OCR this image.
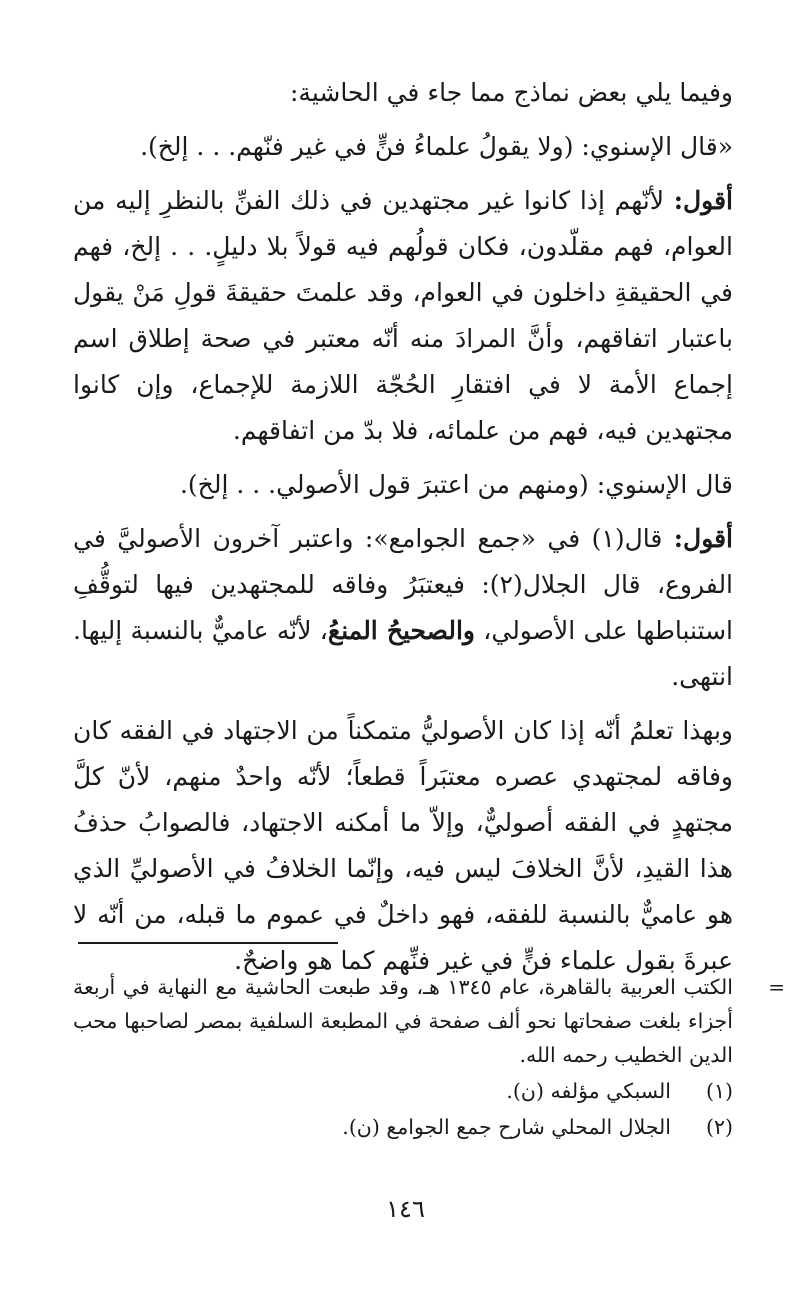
وفيما يلي بعض نماذج مما جاء في الحاشية:

«قال الإسنوي: (ولا يقولُ علماءُ فنٍّ في غير فنّهم. . . إلخ).

أقول: لأنّهم إذا كانوا غير مجتهدين في ذلك الفنِّ بالنظرِ إليه من العوام، فهم مقلّدون، فكان قولُهم فيه قولاً بلا دليلٍ. . . إلخ، فهم في الحقيقةِ داخلون في العوام، وقد علمتَ حقيقةَ قولِ مَنْ يقول باعتبار اتفاقهم، وأنَّ المرادَ منه أنّه معتبر في صحة إطلاق اسم إجماع الأمة لا في افتقارِ الحُجّة اللازمة للإجماع، وإن كانوا مجتهدين فيه، فهم من علمائه، فلا بدّ من اتفاقهم.

قال الإسنوي: (ومنهم من اعتبرَ قول الأصولي. . . إلخ).

أقول: قال(١) في «جمع الجوامع»: واعتبر آخرون الأصوليَّ في الفروع، قال الجلال(٢): فيعتبَرُ وفاقه للمجتهدين فيها لتوقُّفِ استنباطها على الأصولي، والصحيحُ المنعُ، لأنّه عاميٌّ بالنسبة إليها. انتهى.

وبهذا تعلمُ أنّه إذا كان الأصوليُّ متمكناً من الاجتهاد في الفقه كان وفاقه لمجتهدي عصره معتبَراً قطعاً؛ لأنّه واحدٌ منهم، لأنّ كلَّ مجتهدٍ في الفقه أصوليٌّ، وإلاّ ما أمكنه الاجتهاد، فالصوابُ حذفُ هذا القيدِ، لأنَّ الخلافَ ليس فيه، وإنّما الخلافُ في الأصوليِّ الذي هو عاميٌّ بالنسبة للفقه، فهو داخلٌ في عموم ما قبله، من أنّه لا عبرةَ بقول علماء فنٍّ في غير فنِّهم كما هو واضحٌ.

=
الكتب العربية بالقاهرة، عام ١٣٤٥ هـ، وقد طبعت الحاشية مع النهاية في أربعة أجزاء بلغت صفحاتها نحو ألف صفحة في المطبعة السلفية بمصر لصاحبها محب الدين الخطيب رحمه الله.
(١)
السبكي مؤلفه (ن).
(٢)
الجلال المحلي شارح جمع الجوامع (ن).
١٤٦
